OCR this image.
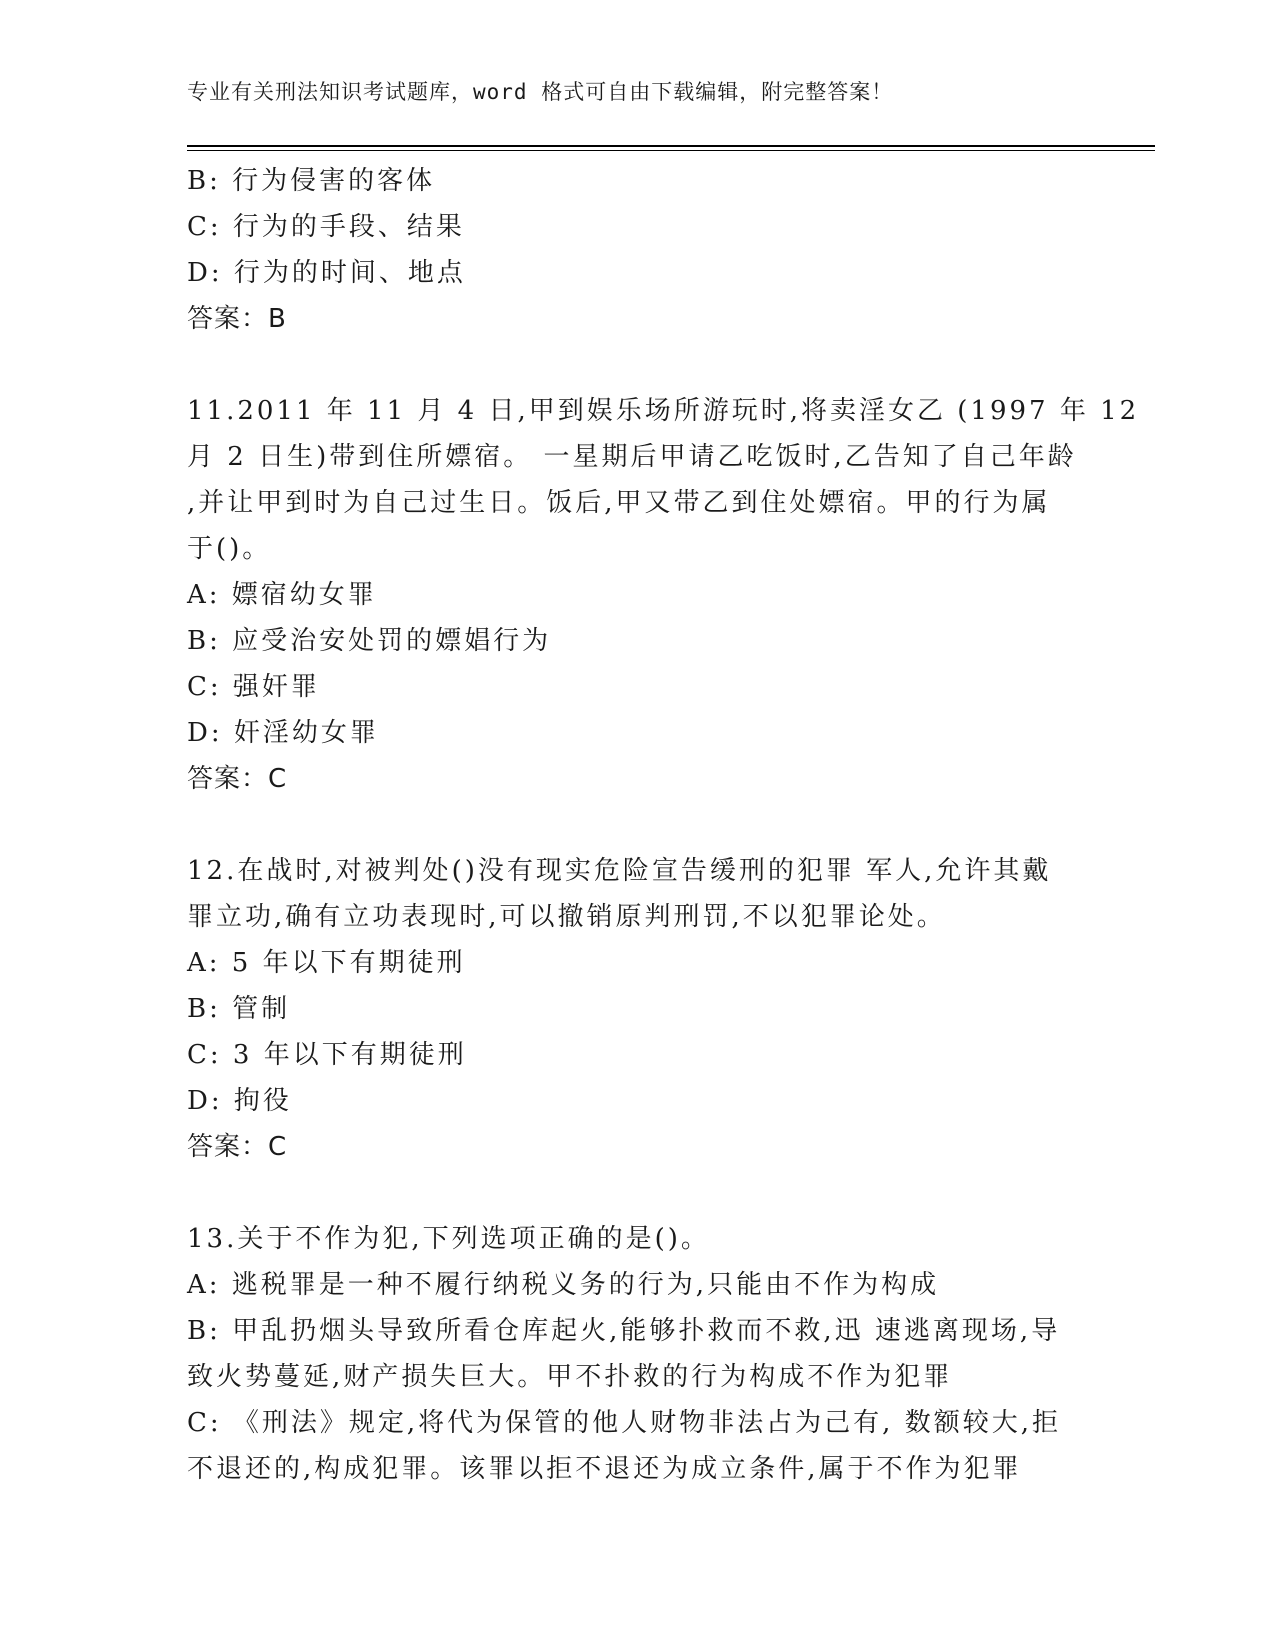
专业有关刑法知识考试题库，word 格式可自由下载编辑，附完整答案！
B: 行为侵害的客体
C: 行为的手段、结果
D: 行为的时间、地点
答案：B
11.2011 年 11 月 4 日,甲到娱乐场所游玩时,将卖淫女乙 (1997 年 12
月 2 日生)带到住所嫖宿。 一星期后甲请乙吃饭时,乙告知了自己年龄
,并让甲到时为自己过生日。饭后,甲又带乙到住处嫖宿。甲的行为属
于()。
A: 嫖宿幼女罪
B: 应受治安处罚的嫖娼行为
C: 强奸罪
D: 奸淫幼女罪
答案：C
12.在战时,对被判处()没有现实危险宣告缓刑的犯罪 军人,允许其戴
罪立功,确有立功表现时,可以撤销原判刑罚,不以犯罪论处。
A: 5 年以下有期徒刑
B: 管制
C: 3 年以下有期徒刑
D: 拘役
答案：C
13.关于不作为犯,下列选项正确的是()。
A: 逃税罪是一种不履行纳税义务的行为,只能由不作为构成
B: 甲乱扔烟头导致所看仓库起火,能够扑救而不救,迅 速逃离现场,导
致火势蔓延,财产损失巨大。甲不扑救的行为构成不作为犯罪
C: 《刑法》规定,将代为保管的他人财物非法占为己有, 数额较大,拒
不退还的,构成犯罪。该罪以拒不退还为成立条件,属于不作为犯罪
